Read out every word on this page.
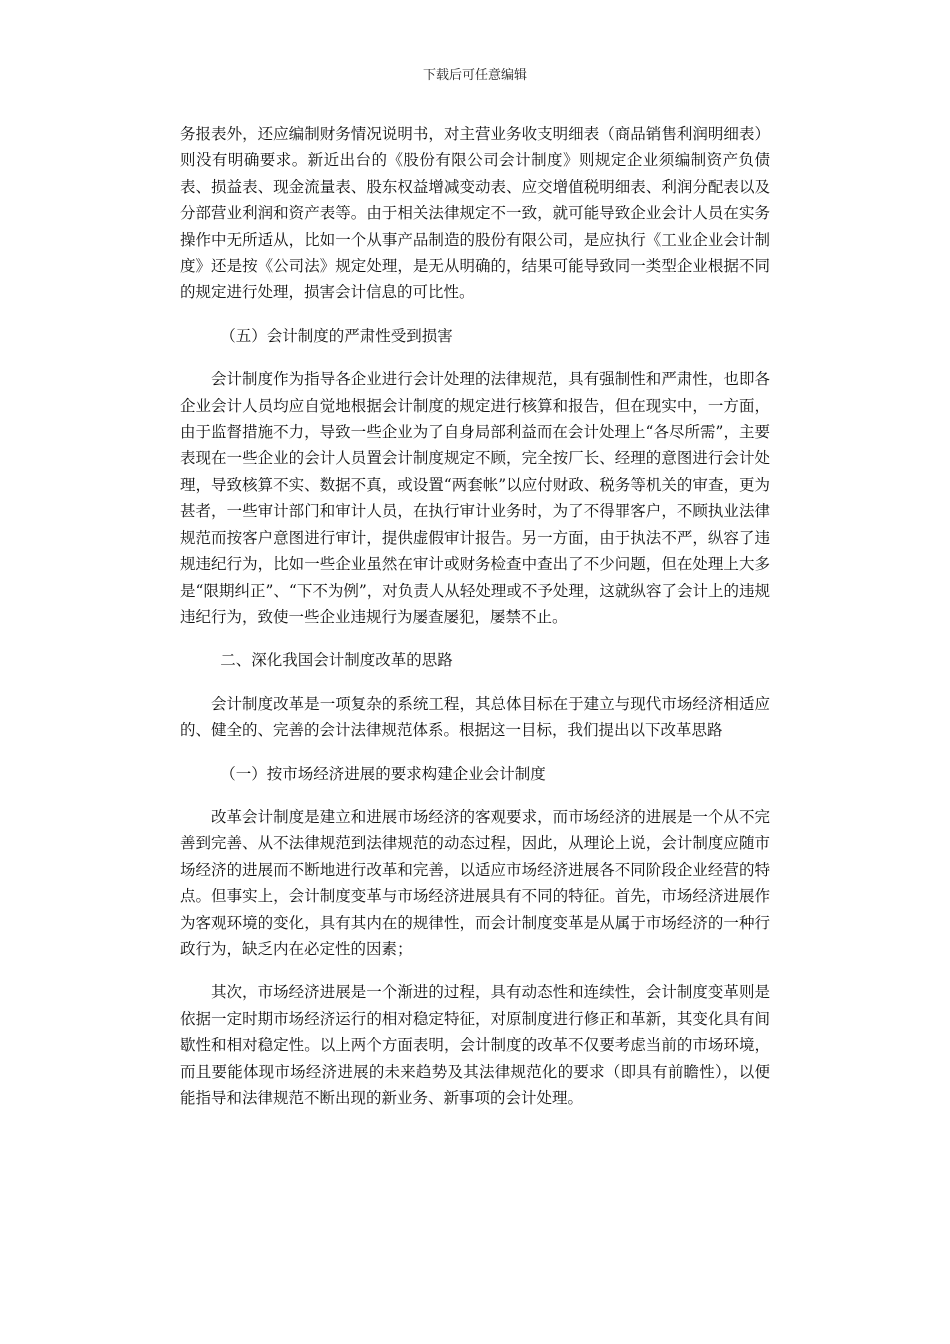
下载后可任意编辑

务报表外，还应编制财务情况说明书，对主营业务收支明细表（商品销售利润明细表）则没有明确要求。新近出台的《股份有限公司会计制度》则规定企业须编制资产负债表、损益表、现金流量表、股东权益增减变动表、应交增值税明细表、利润分配表以及分部营业利润和资产表等。由于相关法律规定不一致，就可能导致企业会计人员在实务操作中无所适从，比如一个从事产品制造的股份有限公司，是应执行《工业企业会计制度》还是按《公司法》规定处理，是无从明确的，结果可能导致同一类型企业根据不同的规定进行处理，损害会计信息的可比性。

（五）会计制度的严肃性受到损害

会计制度作为指导各企业进行会计处理的法律规范，具有强制性和严肃性，也即各企业会计人员均应自觉地根据会计制度的规定进行核算和报告，但在现实中，一方面，由于监督措施不力，导致一些企业为了自身局部利益而在会计处理上“各尽所需”，主要表现在一些企业的会计人员置会计制度规定不顾，完全按厂长、经理的意图进行会计处理，导致核算不实、数据不真，或设置“两套帐”以应付财政、税务等机关的审查，更为甚者，一些审计部门和审计人员，在执行审计业务时，为了不得罪客户，不顾执业法律规范而按客户意图进行审计，提供虚假审计报告。另一方面，由于执法不严，纵容了违规违纪行为，比如一些企业虽然在审计或财务检查中查出了不少问题，但在处理上大多是“限期纠正”、“下不为例”，对负责人从轻处理或不予处理，这就纵容了会计上的违规违纪行为，致使一些企业违规行为屡查屡犯，屡禁不止。

二、深化我国会计制度改革的思路

会计制度改革是一项复杂的系统工程，其总体目标在于建立与现代市场经济相适应的、健全的、完善的会计法律规范体系。根据这一目标，我们提出以下改革思路

（一）按市场经济进展的要求构建企业会计制度

改革会计制度是建立和进展市场经济的客观要求，而市场经济的进展是一个从不完善到完善、从不法律规范到法律规范的动态过程，因此，从理论上说，会计制度应随市场经济的进展而不断地进行改革和完善，以适应市场经济进展各不同阶段企业经营的特点。但事实上，会计制度变革与市场经济进展具有不同的特征。首先，市场经济进展作为客观环境的变化，具有其内在的规律性，而会计制度变革是从属于市场经济的一种行政行为，缺乏内在必定性的因素；

其次，市场经济进展是一个渐进的过程，具有动态性和连续性，会计制度变革则是依据一定时期市场经济运行的相对稳定特征，对原制度进行修正和革新，其变化具有间歇性和相对稳定性。以上两个方面表明，会计制度的改革不仅要考虑当前的市场环境，而且要能体现市场经济进展的未来趋势及其法律规范化的要求（即具有前瞻性），以便能指导和法律规范不断出现的新业务、新事项的会计处理。
